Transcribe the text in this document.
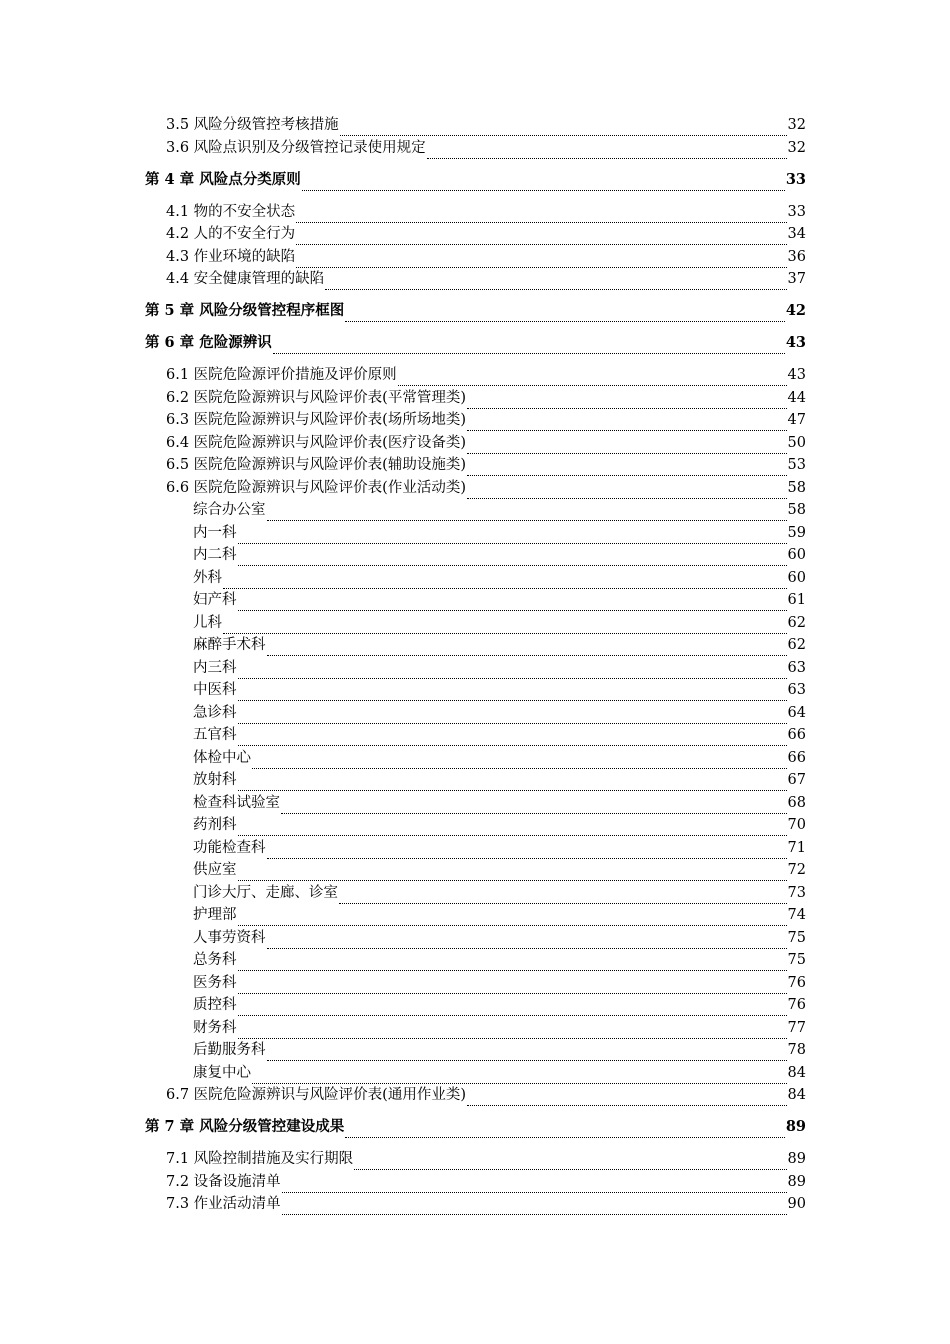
3.5 风险分级管控考核措施	32
3.6 风险点识别及分级管控记录使用规定	32
第 4 章 风险点分类原则	33
4.1 物的不安全状态	33
4.2 人的不安全行为	34
4.3 作业环境的缺陷	36
4.4 安全健康管理的缺陷	37
第 5 章 风险分级管控程序框图	42
第 6 章 危险源辨识	43
6.1 医院危险源评价措施及评价原则	43
6.2 医院危险源辨识与风险评价表(平常管理类)	44
6.3 医院危险源辨识与风险评价表(场所场地类)	47
6.4 医院危险源辨识与风险评价表(医疗设备类)	50
6.5 医院危险源辨识与风险评价表(辅助设施类)	53
6.6 医院危险源辨识与风险评价表(作业活动类)	58
综合办公室	58
内一科	59
内二科	60
外科	60
妇产科	61
儿科	62
麻醉手术科	62
内三科	63
中医科	63
急诊科	64
五官科	66
体检中心	66
放射科	67
检查科试验室	68
药剂科	70
功能检查科	71
供应室	72
门诊大厅、走廊、诊室	73
护理部	74
人事劳资科	75
总务科	75
医务科	76
质控科	76
财务科	77
后勤服务科	78
康复中心	84
6.7 医院危险源辨识与风险评价表(通用作业类)	84
第 7 章 风险分级管控建设成果	89
7.1 风险控制措施及实行期限	89
7.2 设备设施清单	89
7.3 作业活动清单	90
